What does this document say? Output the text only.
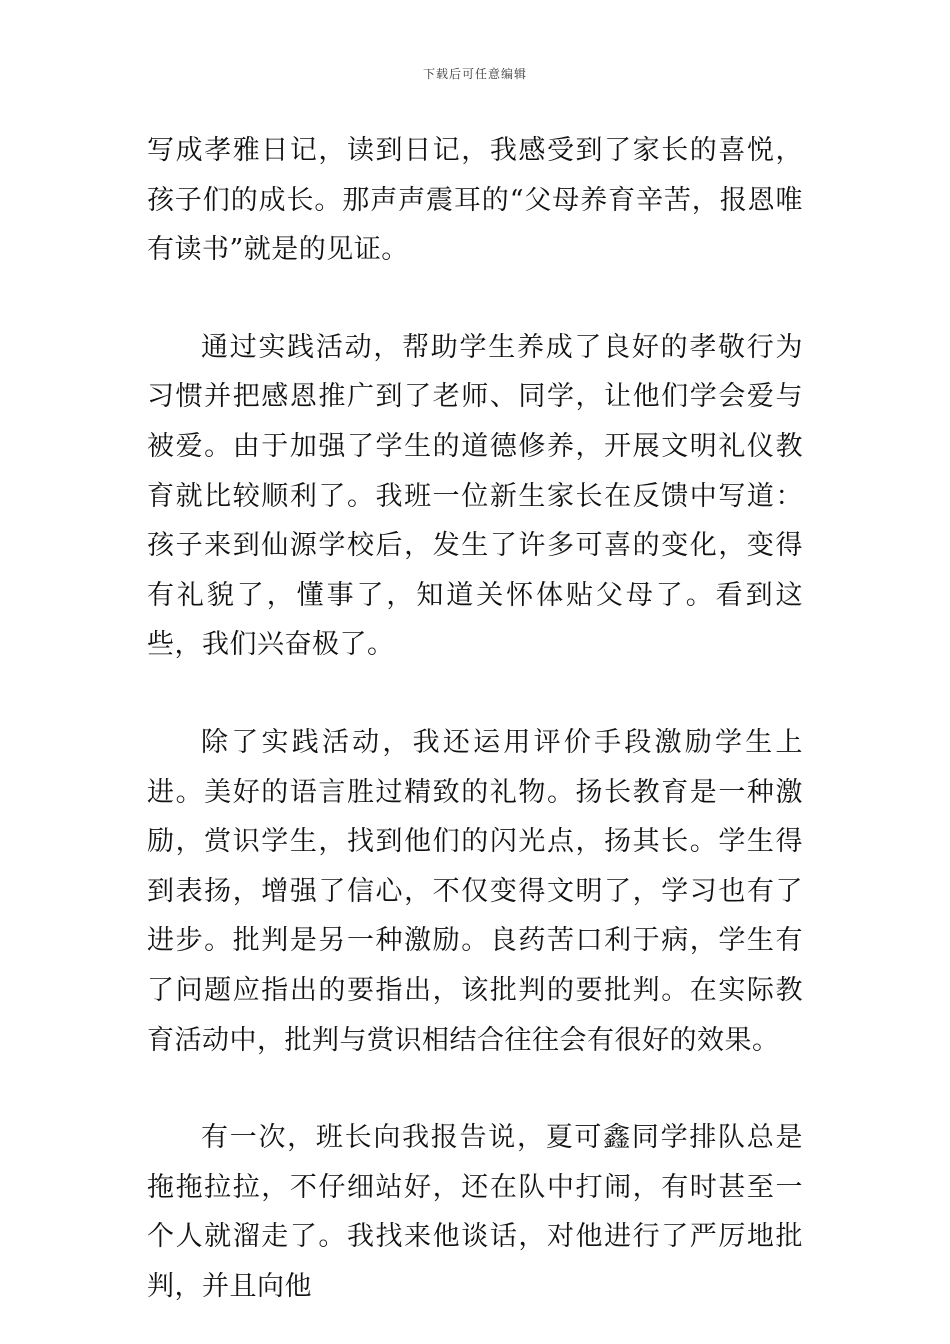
下载后可任意编辑

写成孝雅日记，读到日记，我感受到了家长的喜悦，孩子们的成长。那声声震耳的“父母养育辛苦，报恩唯有读书”就是的见证。

通过实践活动，帮助学生养成了良好的孝敬行为习惯并把感恩推广到了老师、同学，让他们学会爱与被爱。由于加强了学生的道德修养，开展文明礼仪教育就比较顺利了。我班一位新生家长在反馈中写道：孩子来到仙源学校后，发生了许多可喜的变化，变得有礼貌了，懂事了，知道关怀体贴父母了。看到这些，我们兴奋极了。

除了实践活动，我还运用评价手段激励学生上进。美好的语言胜过精致的礼物。扬长教育是一种激励，赏识学生，找到他们的闪光点，扬其长。学生得到表扬，增强了信心，不仅变得文明了，学习也有了进步。批判是另一种激励。良药苦口利于病，学生有了问题应指出的要指出，该批判的要批判。在实际教育活动中，批判与赏识相结合往往会有很好的效果。

有一次，班长向我报告说，夏可鑫同学排队总是拖拖拉拉，不仔细站好，还在队中打闹，有时甚至一个人就溜走了。我找来他谈话，对他进行了严厉地批判，并且向他
